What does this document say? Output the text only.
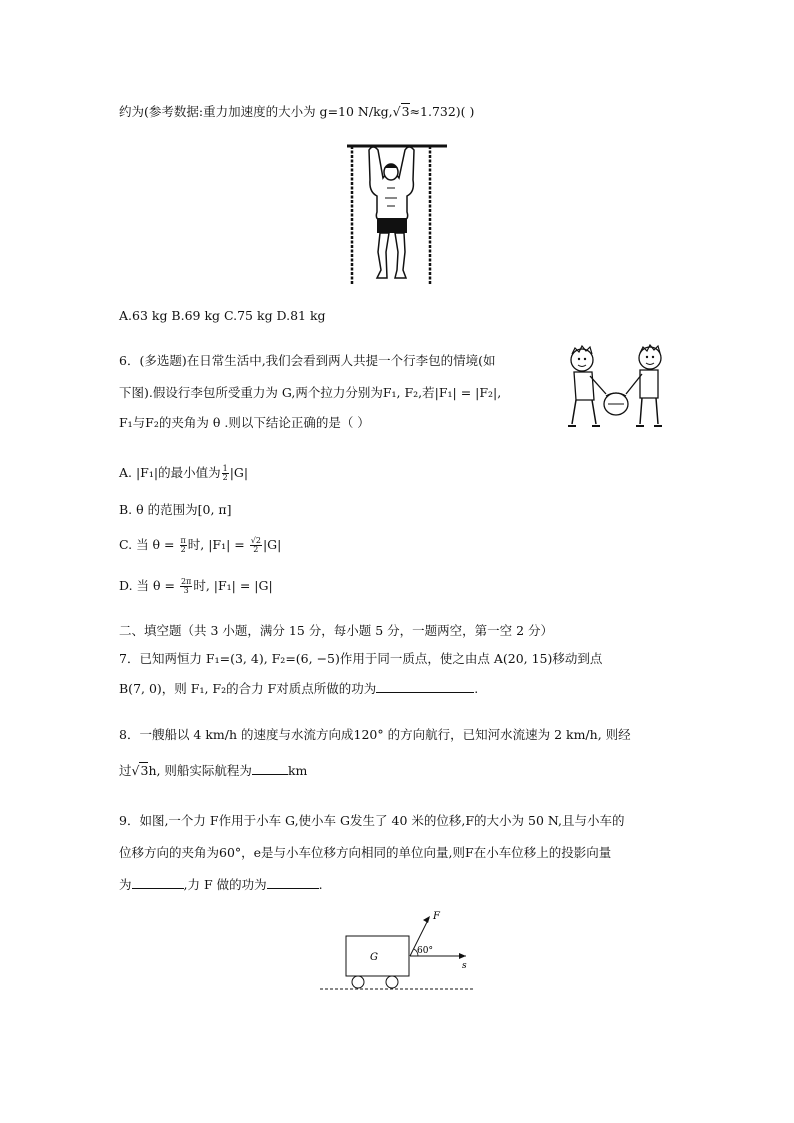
约为(参考数据:重力加速度的大小为 g=10 N/kg,√3≈1.732)( )
A.63 kg B.69 kg C.75 kg D.81 kg
6．(多选题)在日常生活中,我们会看到两人共提一个行李包的情境(如
下图).假设行李包所受重力为 G,两个拉力分别为F₁, F₂,若|F₁| = |F₂|,
F₁与F₂的夹角为 θ .则以下结论正确的是（ ）
A. |F₁|的最小值为 $\frac{1}{2} |G|$
B. θ 的范围为[0, π]
C. 当 $\theta = \frac{\pi}{2}$ 时, $|F_1| = \frac{√2}{2} |G|$
D. 当 $\theta = \frac{2\pi}{3}$ 时, |F₁| = |G|
二、填空题（共 3 小题，满分 15 分，每小题 5 分，一题两空，第一空 2 分）
7．已知两恒力 F₁=(3, 4), F₂=(6, −5)作用于同一质点，使之由点 A(20, 15)移动到点
B(7, 0)，则 F₁, F₂的合力 F对质点所做的功为	.
8．一艘船以 4 km/h 的速度与水流方向成120° 的方向航行，已知河水流速为 2 km/h, 则经
过√3h, 则船实际航程为	km
9．如图,一个力 F作用于小车 G,使小车 G发生了 40 米的位移,F的大小为 50 N,且与小车的
位移方向的夹角为60°，e是与小车位移方向相同的单位向量,则F在小车位移上的投影向量
为	,力 F 做的功为	.
G
F
60°
s
